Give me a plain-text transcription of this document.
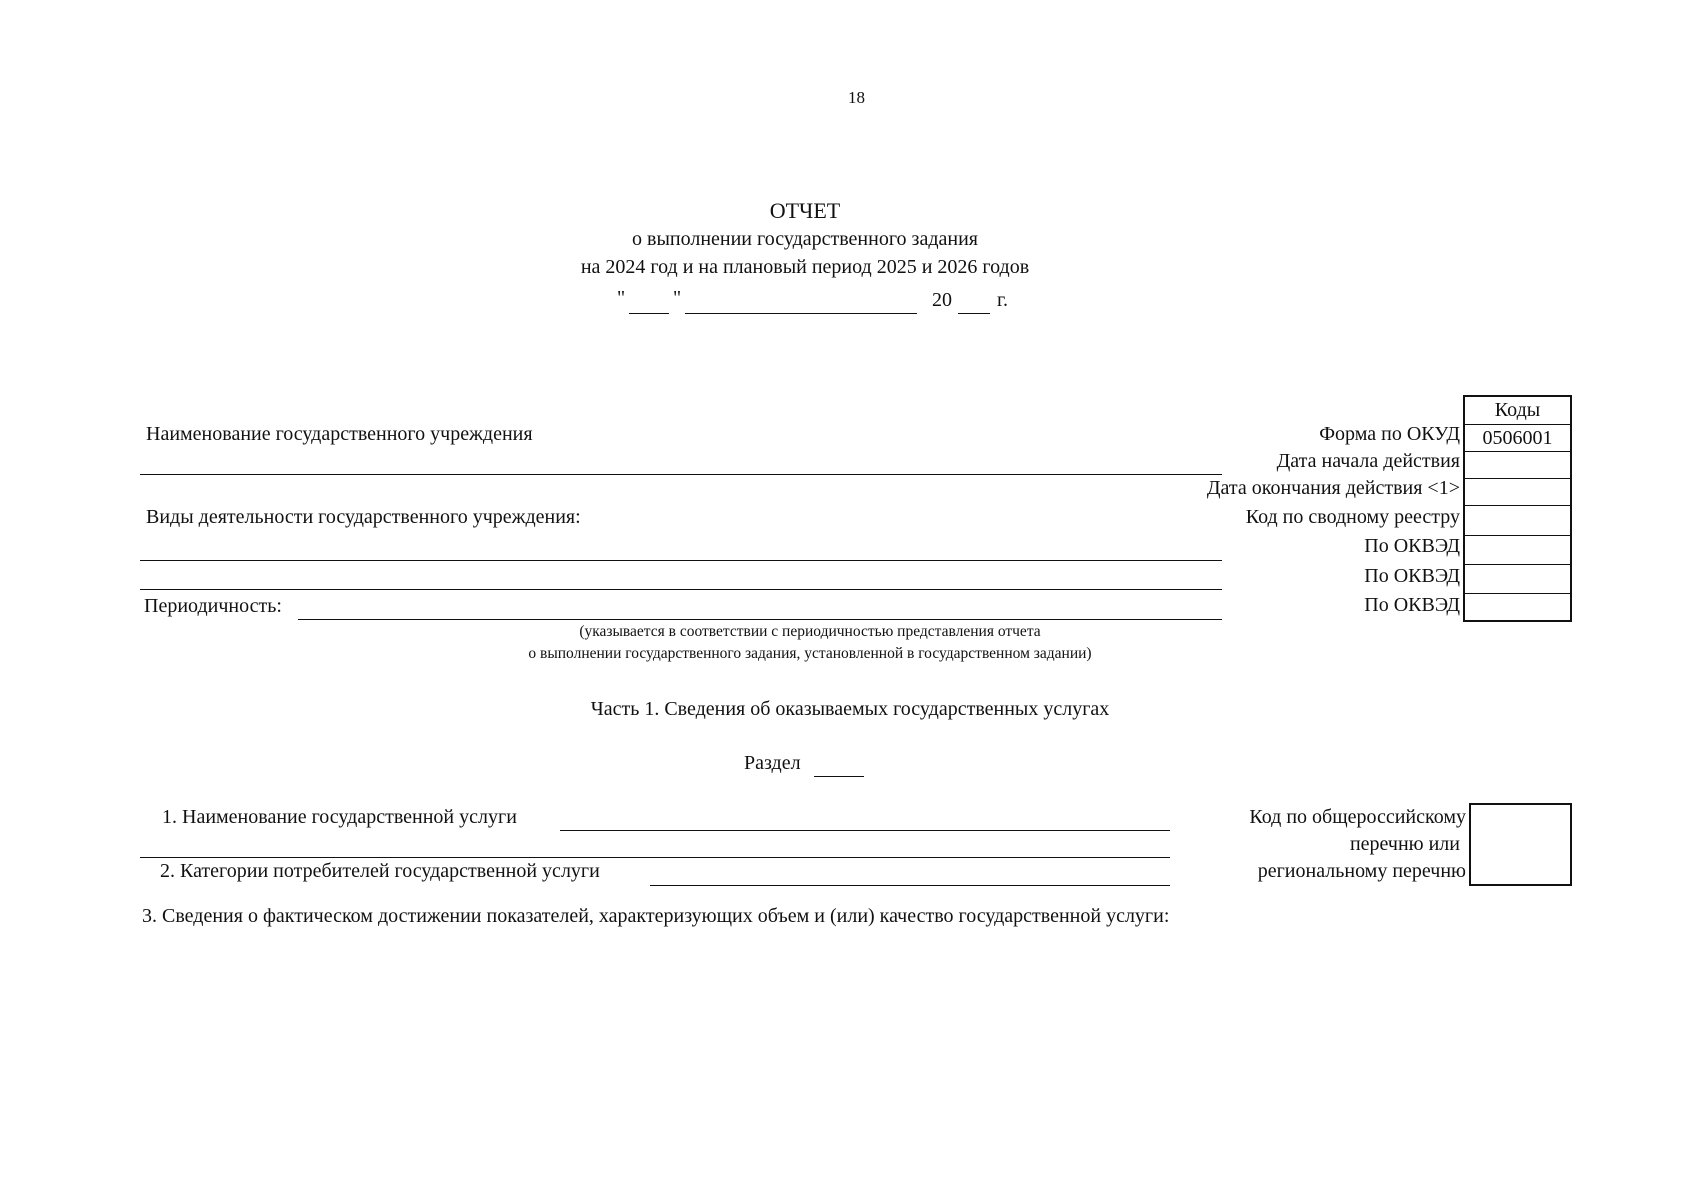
18
ОТЧЕТ
о выполнении государственного задания
на 2024 год и на плановый период 2025 и 2026 годов
" "	20 г.
Наименование государственного учреждения
Виды деятельности государственного учреждения:
Периодичность:
(указывается в соответствии с периодичностью представления отчета
о выполнении государственного задания, установленной в государственном задании)
Форма по ОКУД
Дата начала действия
Дата окончания действия <1>
Код по сводному реестру
По ОКВЭД
По ОКВЭД
По ОКВЭД
Коды
0506001
Часть 1. Сведения об оказываемых государственных услугах
Раздел
1. Наименование государственной услуги
2. Категории потребителей государственной услуги
Код по общероссийскому
перечню или
региональному перечню
3. Сведения о фактическом достижении показателей, характеризующих объем и (или) качество государственной услуги:
